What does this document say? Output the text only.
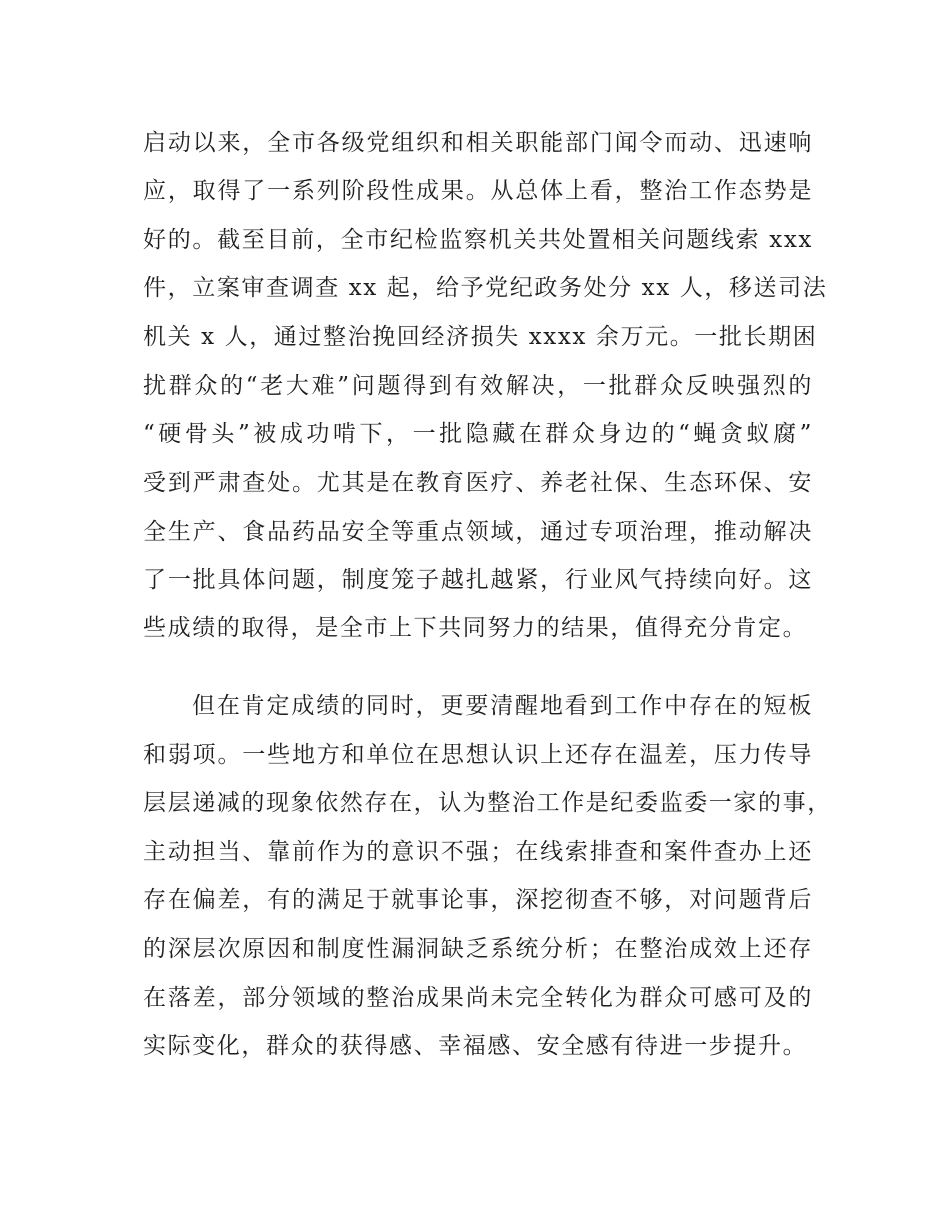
启动以来，全市各级党组织和相关职能部门闻令而动、迅速响
应，取得了一系列阶段性成果。从总体上看，整治工作态势是
好的。截至目前，全市纪检监察机关共处置相关问题线索 xxx
件，立案审查调查 xx 起，给予党纪政务处分 xx 人，移送司法
机关 x 人，通过整治挽回经济损失 xxxx 余万元。一批长期困
扰群众的“老大难”问题得到有效解决，一批群众反映强烈的
“硬骨头”被成功啃下，一批隐藏在群众身边的“蝇贪蚁腐”
受到严肃查处。尤其是在教育医疗、养老社保、生态环保、安
全生产、食品药品安全等重点领域，通过专项治理，推动解决
了一批具体问题，制度笼子越扎越紧，行业风气持续向好。这
些成绩的取得，是全市上下共同努力的结果，值得充分肯定。
但在肯定成绩的同时，更要清醒地看到工作中存在的短板
和弱项。一些地方和单位在思想认识上还存在温差，压力传导
层层递减的现象依然存在，认为整治工作是纪委监委一家的事，
主动担当、靠前作为的意识不强；在线索排查和案件查办上还
存在偏差，有的满足于就事论事，深挖彻查不够，对问题背后
的深层次原因和制度性漏洞缺乏系统分析；在整治成效上还存
在落差，部分领域的整治成果尚未完全转化为群众可感可及的
实际变化，群众的获得感、幸福感、安全感有待进一步提升。
